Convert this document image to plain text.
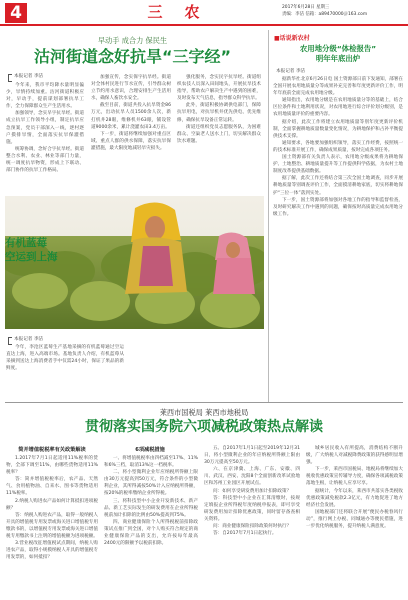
4	三农	2017年6月28日 星期三
责编：李洁 信箱：a89470000＠163.com
早动手 成合力 保民生
沽河街道念好抗旱“三字经”
本报记者 李洁

今年来，我市平均降水量明显偏少，旱情持续加重。沽河街道积极应对，早动手，提前谋划部署抗旱工作，全力保障群众生产生活用水。

加强领导，念实早字抗旱经。街道成立抗旱工作领导小组，制定抗旱应急预案，党员干部深入一线，逐村逐户摸排旱情，全面落实抗旱保灌措施。

统筹协调，念好合字抗旱经。街道整合水利、农业、林业等部门力量，统一调度抗旱物资，形成上下联动、部门协作的抗旱工作格局。

加强宣传，念实保字抗旱经。街道对全体村民进行节水宣传，引导群众树立节约用水意识，合理安排生产生活用水，确保人畜饮水安全。

截至目前，街道共投入抗旱资金86万元，出动抗旱人员1500余人次，新打机井28眼，维修机井63眼，铺设管道9000余米，累计浇灌农田3.4万亩。

下一步，街道将继续加强对重点区域、重点人群的供水保障，落实抗旱保灌措施，最大限度地减轻旱灾损失。

强化服务，念实民字抗旱经。街道组织农技人员深入田间地头，开展抗旱技术指导，帮助农户解决生产中遇到的困难，及时发布天气信息，指导群众科学抗旱。

此外，街道积极协调供电部门，保障抗旱用电，对抗旱机井优先供电、优先维修，确保抗旱设备正常运转。

街道还组织党员志愿服务队，为困难群众、空巢老人送水上门，切实解决群众饮水难题。

有机蓝莓
空运到上海
本报记者 李洁

今年，李沧区蓝莓生产基地采摘的有机蓝莓通过空运直达上海，进入高端市场。基地负责人介绍，有机蓝莓从采摘到送达上海消费者手中仅需24小时，保证了果品的新鲜度。

■话说新农村
农用地分级“体检报告”
明年年底出炉
本报记者 李洁

据新华社北京6月26日电 国土资源部日前下发通知，部署在全国开展农用地质量分等成果补充完善和年度更新评价工作，明年年底前全面完成农用地分级。

通知指出，农用地分级是在农用地质量分等的基础上，结合区位条件和土地利用状况，对农用地进行综合评价划分级别，是农用地质量评价的重要内容。

据介绍，此次工作将建立农用地质量等别年度更新评价机制，全面掌握耕地质量数量变化情况，为耕地保护和占补平衡提供技术支撑。

通知要求，各地要加强组织领导，落实工作经费，按照统一的技术标准开展工作，确保成果质量，按时完成各项任务。

国土资源部有关负责人表示，农用地分级成果将为耕地保护、土地整治、耕地质量提升等工作提供科学依据，为农村土地制度改革提供基础数据。

据了解，此次工作还将结合第三次全国土地调查，同步开展耕地质量等别调查评价工作，全面摸清耕地家底，切实将耕地保护“三位一体”落到实处。

下一步，国土资源部将加强对各地工作的指导和监督检查，及时研究解决工作中遇到的问题，确保按时高质量完成农用地分级工作。

莱西市国税局 莱西市地税局
贯彻落实国务院六项减税政策热点解读
简并增值税税率有关政策解读	6项减税措施

1.2017年7月1日起适用11%税率的货物，全部下调至11%，由哪些货物适用11%税率？

答：简并增值税税率后，农产品、天然气、食用植物油、自来水、图书等货物适用11%税率。

2.纳税人购进农产品如何计算抵扣进项税额？

答：纳税人购进农产品，取得一般纳税人开具的增值税专用发票或海关进口增值税专用缴款书的，以增值税专用发票或海关进口增值税专用缴款书上注明的增值税额为进项税额。

3.营业税改征增值税试点期间，纳税人购进农产品，取得小规模纳税人开具的增值税专用发票的，如何抵扣？

一、将增值税税率由四档减至17%、11%和6%三档，取消13%这一档税率。

二、将小型微利企业年应纳税所得额上限由30万元提高到50万元，符合条件的小型微利企业，其所得减按50%计入应纳税所得额，按20%的税率缴纳企业所得税。

三、将科技型中小企业开发新技术、新产品、新工艺实际发生的研发费用在企业所得税税前加计扣除的比例由50%提高到75%。

四、商业健康保险个人所得税税前扣除政策试点推广到全国，对个人购买符合规定的商业健康保险产品的支出，允许按每年最高2400元的限额予以税前扣除。

五、自2017年1月1日起至2019年12月31日，将小型微利企业的年应纳税所得额上限由30万元提高至50万元。

六、在京津冀、上海、广东、安徽、四川、武汉、西安、沈阳8个全面创新改革试验地区和苏州工业园区开展试点。

问：如何享受研发费用加计扣除政策？

答：科技型中小企业在汇算清缴时，按规定填报企业所得税年度纳税申报表，即可享受研发费用加计扣除优惠政策，同时留存备查相关资料。

问：商业健康保险扣除政策何时执行？

答：自2017年7月1日起执行。

城乡居民收入有所提高，消费结构不断升级，广大纳税人对减税降费政策的获得感明显增强。

下一步，莱西市国税局、地税局将继续加大税收优惠政策宣传辅导力度，确保各项减税政策落地生根，让纳税人应享尽享。

据统计，今年以来，莱西市共落实各类税收优惠政策减免税款2.3亿元，有力地促进了地方经济社会发展。

国地税部门还将联合开展“便民办税春风行动”，推行网上办税、同城通办等便民措施，进一步优化纳税服务，提升纳税人满意度。
